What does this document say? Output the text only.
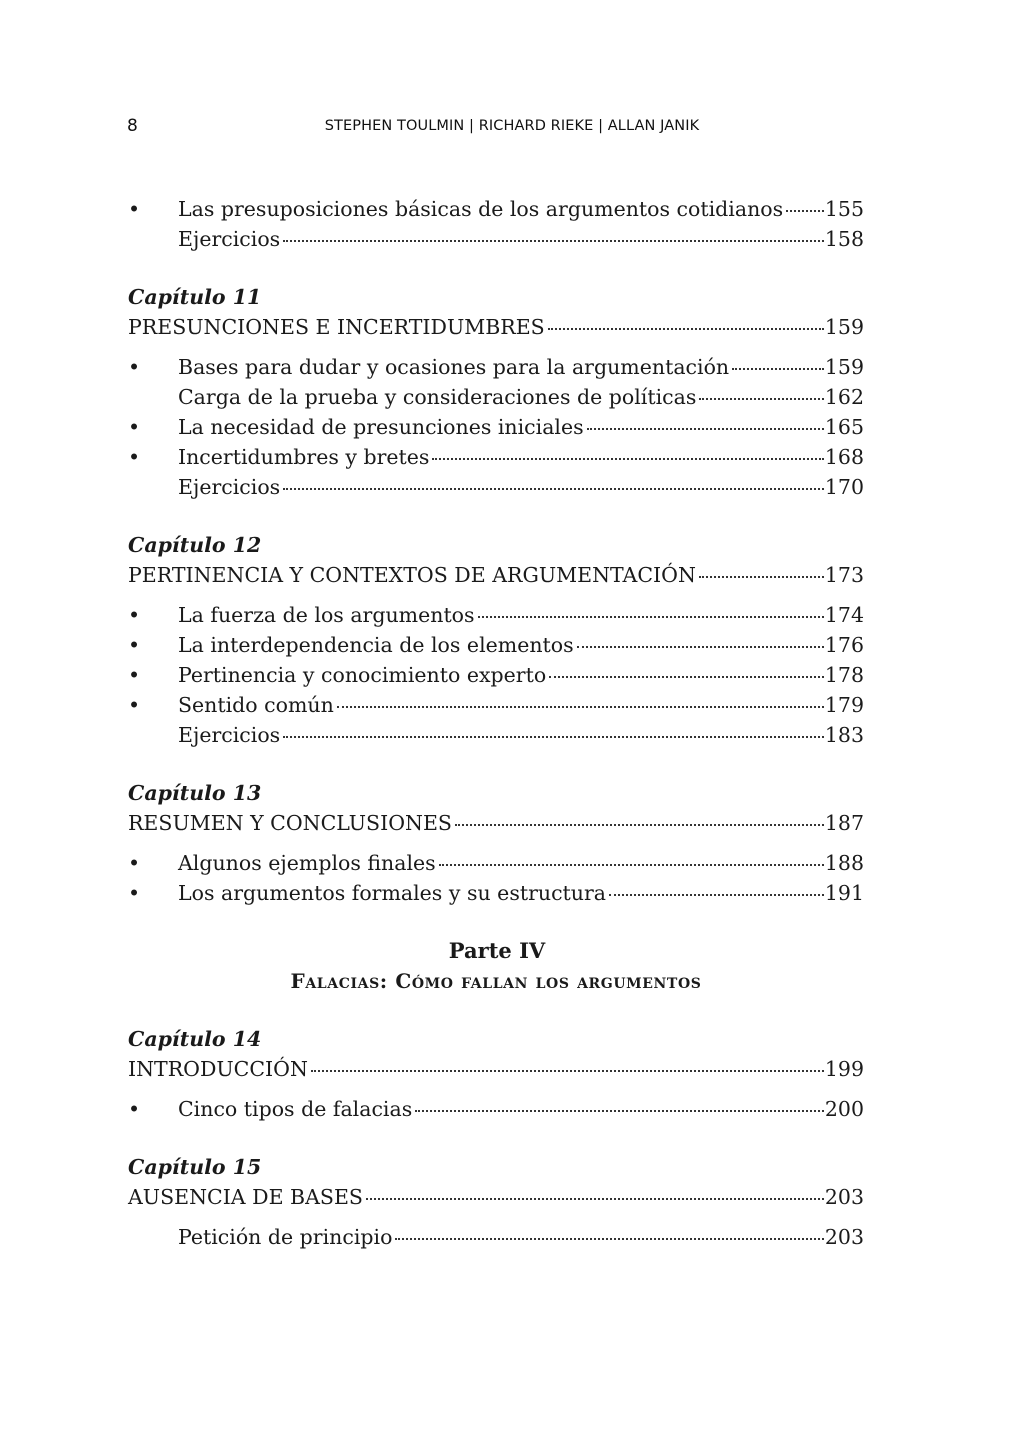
8	STEPHEN TOULMIN | RICHARD RIEKE | ALLAN JANIK
•	Las presuposiciones básicas de los argumentos cotidianos 155
Ejercicios	158
Capítulo 11
PRESUNCIONES E INCERTIDUMBRES	159
•	Bases para dudar y ocasiones para la argumentación	159
Carga de la prueba y consideraciones de políticas	162
•	La necesidad de presunciones iniciales	165
•	Incertidumbres y bretes	168
Ejercicios	170
Capítulo 12
PERTINENCIA Y CONTEXTOS DE ARGUMENTACIÓN	173
•	La fuerza de los argumentos	174
•	La interdependencia de los elementos	176
•	Pertinencia y conocimiento experto	178
•	Sentido común	179
Ejercicios	183
Capítulo 13
RESUMEN Y CONCLUSIONES	187
•	Algunos ejemplos finales	188
•	Los argumentos formales y su estructura	191
Parte IV
Falacias: Cómo fallan los argumentos
Capítulo 14
INTRODUCCIÓN	199
•	Cinco tipos de falacias	200
Capítulo 15
AUSENCIA DE BASES	203
Petición de principio	203
